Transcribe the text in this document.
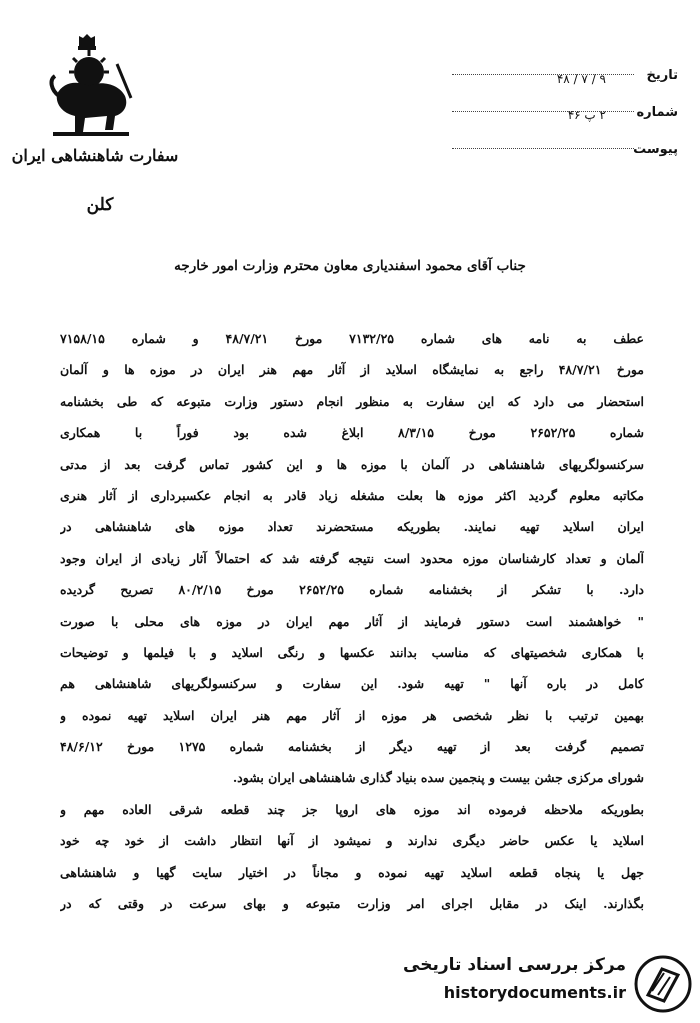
سفارت شاهنشاهی ایران
کلن
تاریخ
شماره
پیوست
۹ / ۷ / ۴۸
۲ پ ۴۶
جناب آقای محمود اسفندیاری معاون محترم وزارت امور خارجه
عطف به نامه های شماره ۷۱۳۲/۲۵ مورخ ۴۸/۷/۲۱ و شماره ۷۱۵۸/۱۵
مورخ ۴۸/۷/۲۱ راجع به نمایشگاه اسلاید از آثار مهم هنر ایران در موزه ها و آلمان
استحضار می دارد که این سفارت به منظور انجام دستور وزارت متبوعه که طی بخشنامه
شماره ۲۶۵۲/۲۵ مورخ ۸/۳/۱۵ ابلاغ شده بود فوراً با همکاری
سرکنسولگریهای شاهنشاهی در آلمان با موزه ها و این کشور تماس گرفت بعد از مدتی
مکاتبه معلوم گردید اکثر موزه ها بعلت مشغله زیاد قادر به انجام عکسبرداری از آثار هنری
ایران اسلاید تهیه نمایند. بطوریکه مستحضرند تعداد موزه های شاهنشاهی در
آلمان و تعداد کارشناسان موزه محدود است نتیجه گرفته شد که احتمالاً آثار زیادی از ایران وجود
دارد. با تشکر از بخشنامه شماره ۲۶۵۲/۲۵ مورخ ۸۰/۲/۱۵ تصریح گردیده
" خواهشمند است دستور فرمایند از آثار مهم ایران در موزه های محلی با صورت
با همکاری شخصیتهای که مناسب بدانند عکسها و رنگی اسلاید و با فیلمها و توضیحات
کامل در باره آنها " تهیه شود. این سفارت و سرکنسولگریهای شاهنشاهی هم
بهمین ترتیب با نظر شخصی هر موزه از آثار مهم هنر ایران اسلاید تهیه نموده و
تصمیم گرفت بعد از تهیه دیگر از بخشنامه شماره ۱۲۷۵ مورخ ۴۸/۶/۱۲
شورای مرکزی جشن بیست و پنجمین سده بنیاد گذاری شاهنشاهی ایران بشود.
بطوریکه ملاحظه فرموده اند موزه های اروپا جز چند قطعه شرقی العاده مهم و
اسلاید یا عکس حاضر دیگری ندارند و نمیشود از آنها انتظار داشت از خود چه خود
جهل یا پنجاه قطعه اسلاید تهیه نموده و مجاناً در اختیار سایت گهیا و شاهنشاهی
بگذارند. اینک در مقابل اجرای امر وزارت متبوعه و بهای سرعت در وقتی که در
مرکز بررسی اسناد تاریخی
historydocuments.ir
